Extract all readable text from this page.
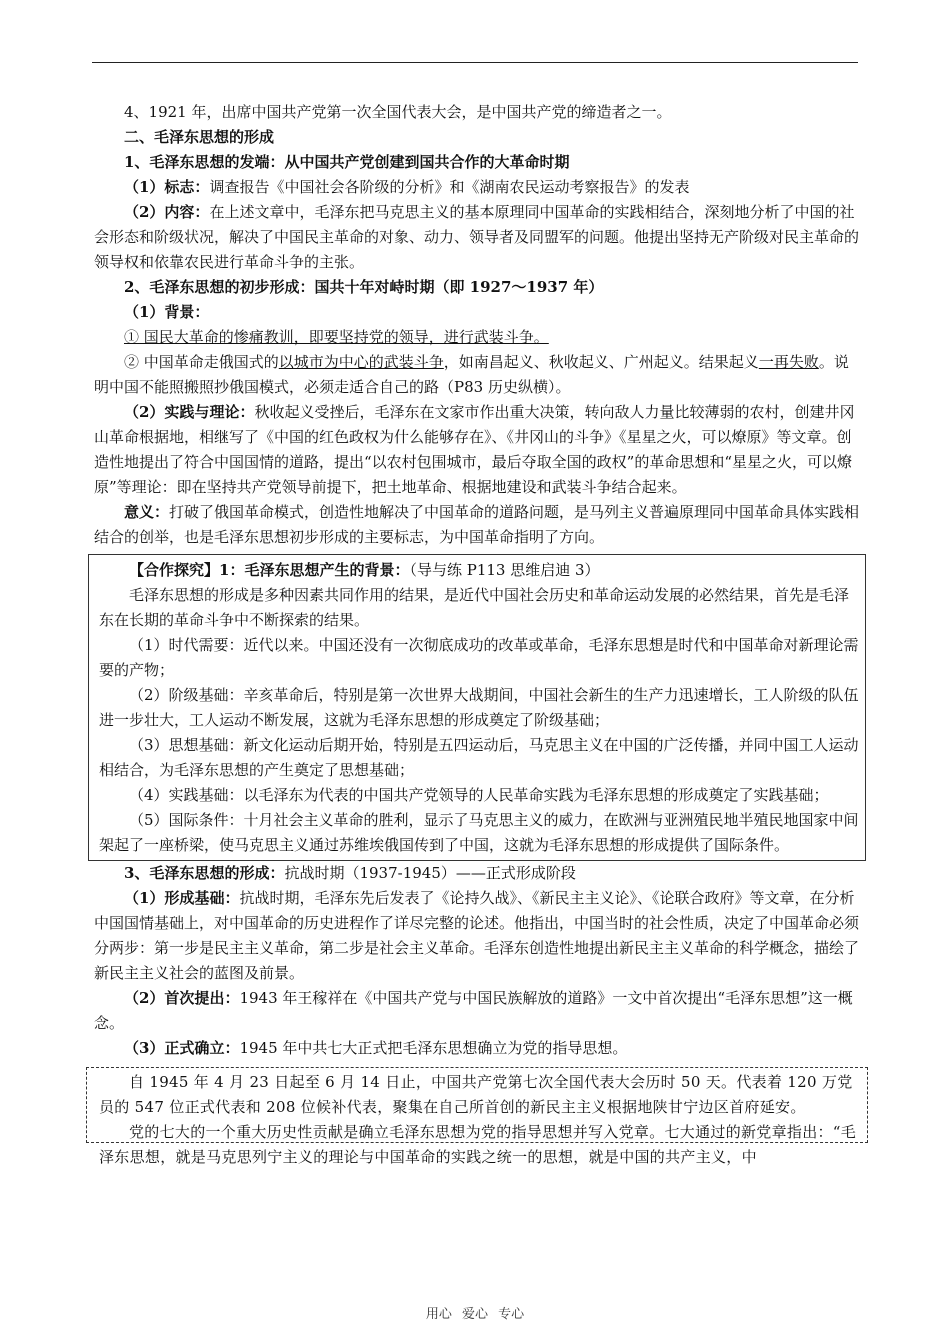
4、1921 年，出席中国共产党第一次全国代表大会，是中国共产党的缔造者之一。

二、毛泽东思想的形成

1、毛泽东思想的发端：从中国共产党创建到国共合作的大革命时期

（1）标志：调查报告《中国社会各阶级的分析》和《湖南农民运动考察报告》的发表

（2）内容：在上述文章中，毛泽东把马克思主义的基本原理同中国革命的实践相结合，深刻地分析了中国的社会形态和阶级状况，解决了中国民主革命的对象、动力、领导者及同盟军的问题。他提出坚持无产阶级对民主革命的领导权和依靠农民进行革命斗争的主张。

2、毛泽东思想的初步形成：国共十年对峙时期（即 1927～1937 年）

（1）背景：

① 国民大革命的惨痛教训，即要坚持党的领导，进行武装斗争。

② 中国革命走俄国式的以城市为中心的武装斗争，如南昌起义、秋收起义、广州起义。结果起义一再失败。说明中国不能照搬照抄俄国模式，必须走适合自己的路（P83 历史纵横）。

（2）实践与理论：秋收起义受挫后，毛泽东在文家市作出重大决策，转向敌人力量比较薄弱的农村，创建井冈山革命根据地，相继写了《中国的红色政权为什么能够存在》、《井冈山的斗争》《星星之火，可以燎原》等文章。创造性地提出了符合中国国情的道路，提出“以农村包围城市，最后夺取全国的政权”的革命思想和“星星之火，可以燎原”等理论：即在坚持共产党领导前提下，把土地革命、根据地建设和武装斗争结合起来。

意义：打破了俄国革命模式，创造性地解决了中国革命的道路问题，是马列主义普遍原理同中国革命具体实践相结合的创举，也是毛泽东思想初步形成的主要标志，为中国革命指明了方向。

【合作探究】1：毛泽东思想产生的背景：（导与练 P113 思维启迪 3）

毛泽东思想的形成是多种因素共同作用的结果，是近代中国社会历史和革命运动发展的必然结果，首先是毛泽东在长期的革命斗争中不断探索的结果。

（1）时代需要：近代以来。中国还没有一次彻底成功的改革或革命，毛泽东思想是时代和中国革命对新理论需要的产物；

（2）阶级基础：辛亥革命后，特别是第一次世界大战期间，中国社会新生的生产力迅速增长，工人阶级的队伍进一步壮大，工人运动不断发展，这就为毛泽东思想的形成奠定了阶级基础；

（3）思想基础：新文化运动后期开始，特别是五四运动后，马克思主义在中国的广泛传播，并同中国工人运动相结合，为毛泽东思想的产生奠定了思想基础；

（4）实践基础：以毛泽东为代表的中国共产党领导的人民革命实践为毛泽东思想的形成奠定了实践基础；

（5）国际条件：十月社会主义革命的胜利，显示了马克思主义的威力，在欧洲与亚洲殖民地半殖民地国家中间架起了一座桥梁，使马克思主义通过苏维埃俄国传到了中国，这就为毛泽东思想的形成提供了国际条件。

3、毛泽东思想的形成：抗战时期（1937-1945）——正式形成阶段

（1）形成基础：抗战时期，毛泽东先后发表了《论持久战》、《新民主主义论》、《论联合政府》等文章，在分析中国国情基础上，对中国革命的历史进程作了详尽完整的论述。他指出，中国当时的社会性质，决定了中国革命必须分两步：第一步是民主主义革命，第二步是社会主义革命。毛泽东创造性地提出新民主主义革命的科学概念，描绘了新民主主义社会的蓝图及前景。

（2）首次提出：1943 年王稼祥在《中国共产党与中国民族解放的道路》一文中首次提出“毛泽东思想”这一概念。

（3）正式确立：1945 年中共七大正式把毛泽东思想确立为党的指导思想。

自 1945 年 4 月 23 日起至 6 月 14 日止，中国共产党第七次全国代表大会历时 50 天。代表着 120 万党员的 547 位正式代表和 208 位候补代表，聚集在自己所首创的新民主主义根据地陕甘宁边区首府延安。

党的七大的一个重大历史性贡献是确立毛泽东思想为党的指导思想并写入党章。七大通过的新党章指出：“毛泽东思想，就是马克思列宁主义的理论与中国革命的实践之统一的思想，就是中国的共产主义，中

用心 爱心 专心
